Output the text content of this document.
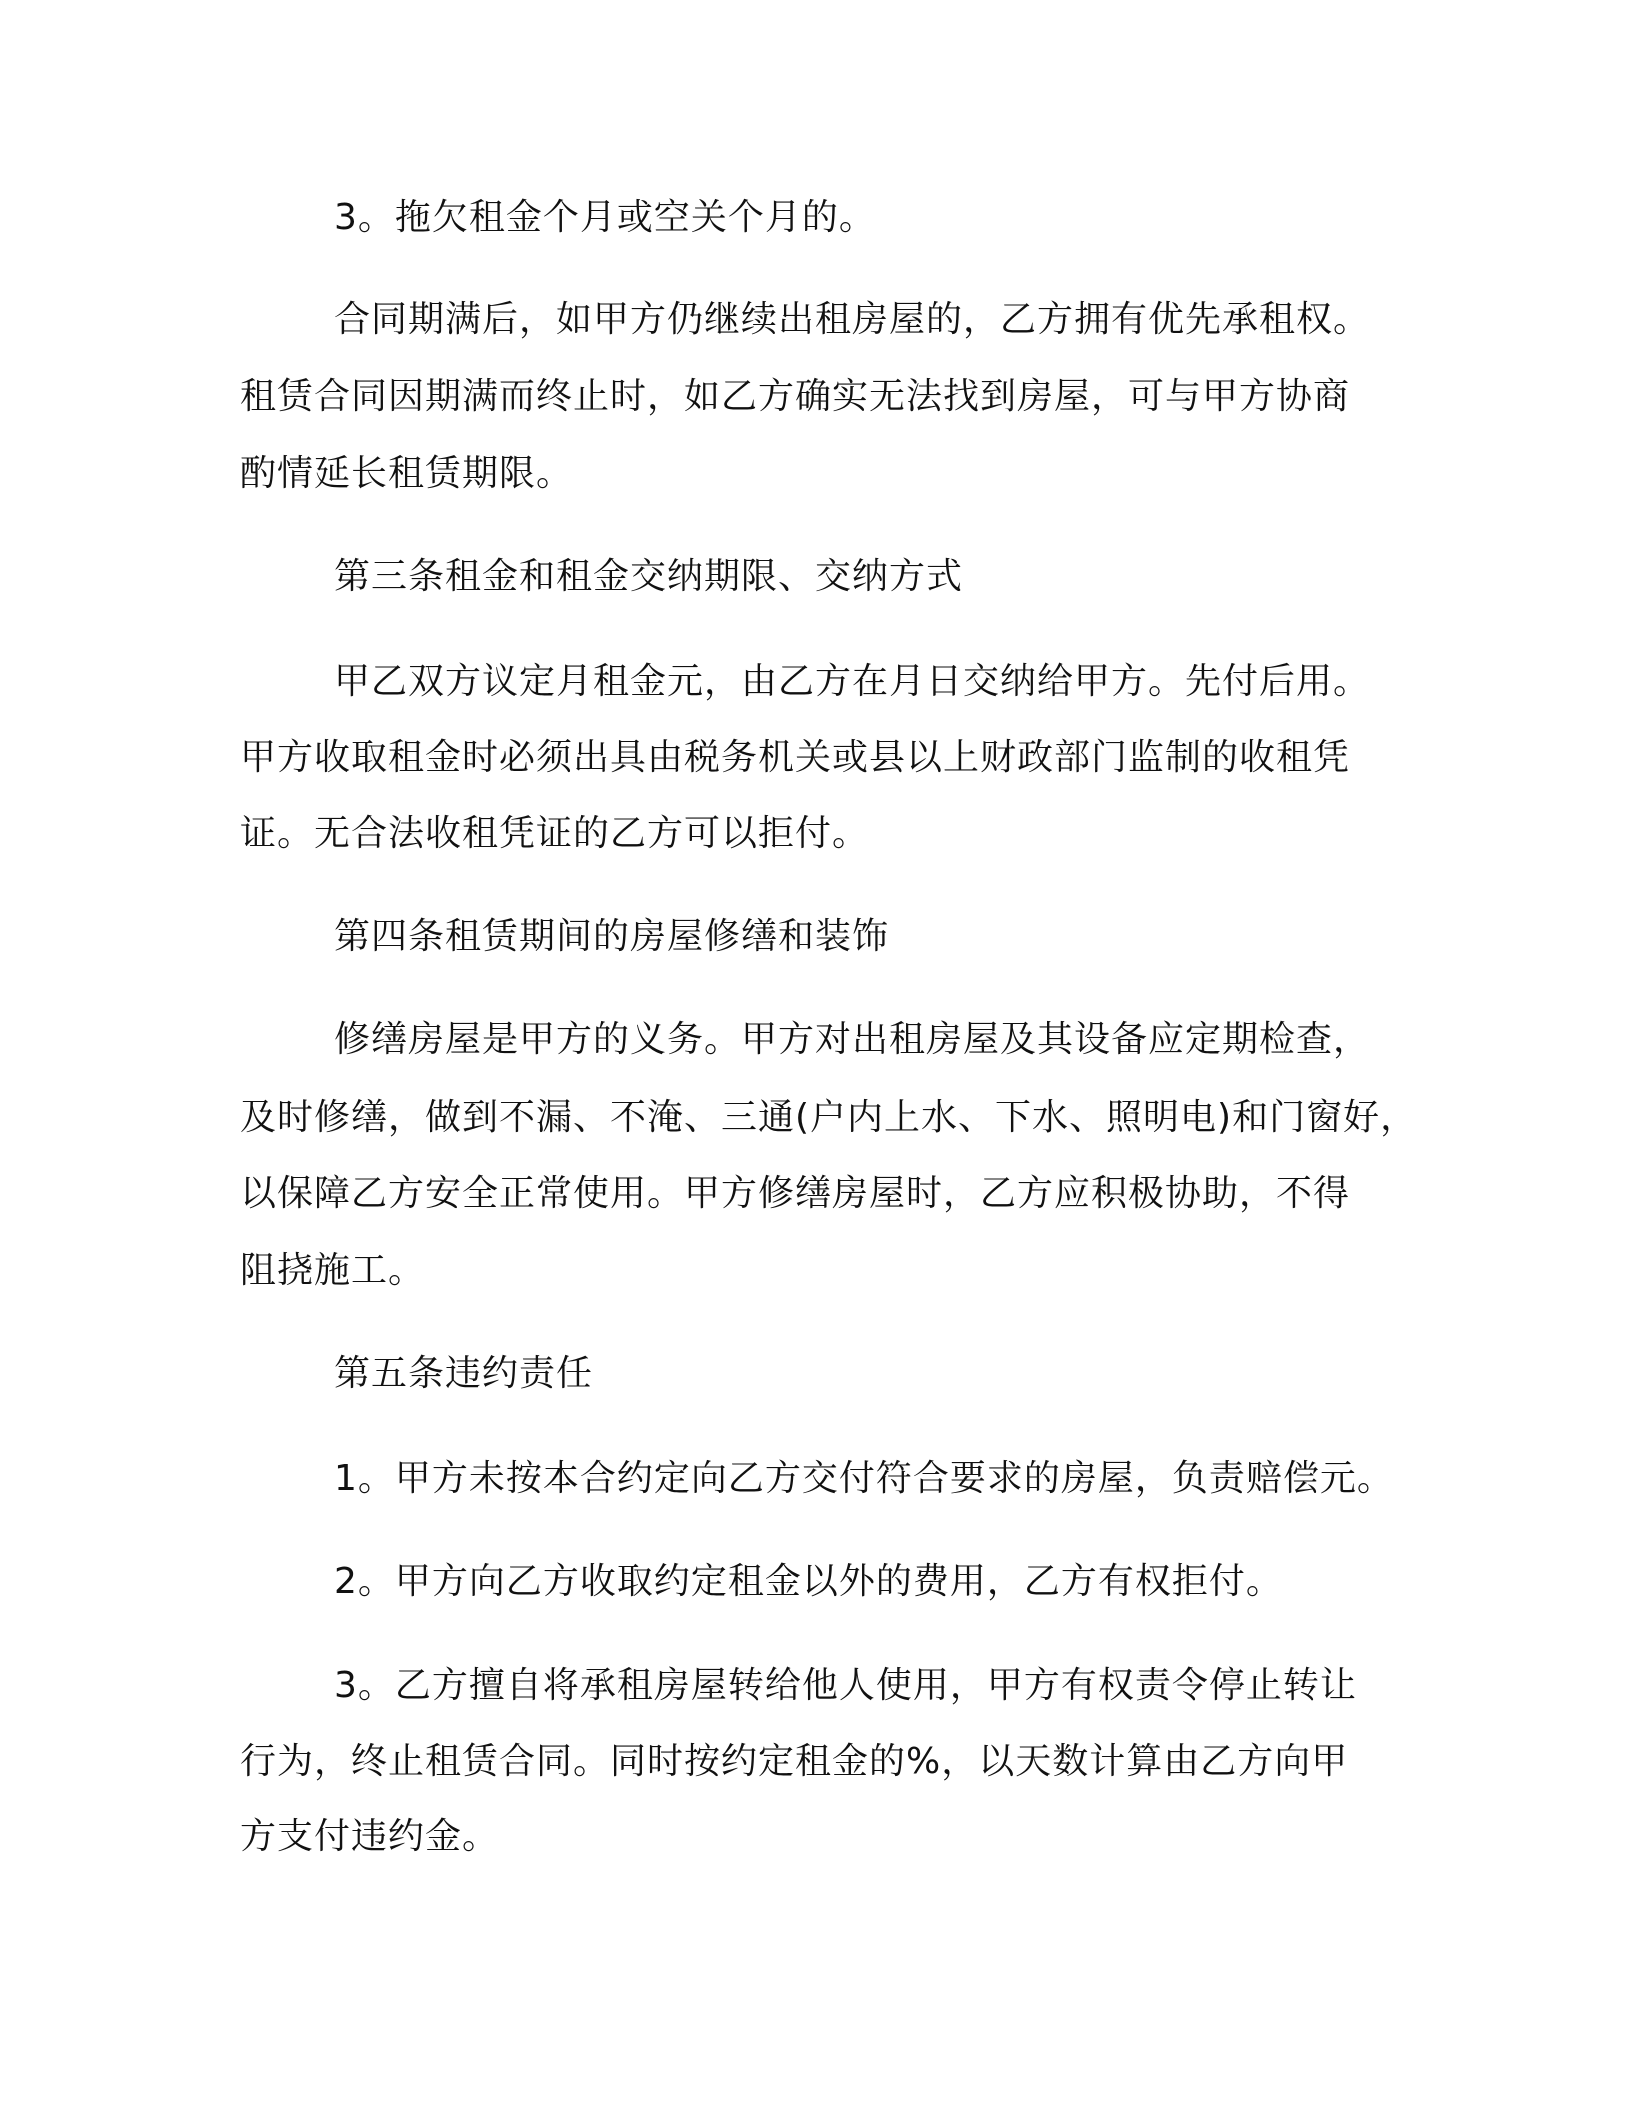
3。拖欠租金个月或空关个月的。
合同期满后，如甲方仍继续出租房屋的，乙方拥有优先承租权。
租赁合同因期满而终止时，如乙方确实无法找到房屋，可与甲方协商
酌情延长租赁期限。
第三条租金和租金交纳期限、交纳方式
甲乙双方议定月租金元，由乙方在月日交纳给甲方。先付后用。
甲方收取租金时必须出具由税务机关或县以上财政部门监制的收租凭
证。无合法收租凭证的乙方可以拒付。
第四条租赁期间的房屋修缮和装饰
修缮房屋是甲方的义务。甲方对出租房屋及其设备应定期检查，
及时修缮，做到不漏、不淹、三通(户内上水、下水、照明电)和门窗好，
以保障乙方安全正常使用。甲方修缮房屋时，乙方应积极协助，不得
阻挠施工。
第五条违约责任
1。甲方未按本合约定向乙方交付符合要求的房屋，负责赔偿元。
2。甲方向乙方收取约定租金以外的费用，乙方有权拒付。
3。乙方擅自将承租房屋转给他人使用，甲方有权责令停止转让
行为，终止租赁合同。同时按约定租金的%，以天数计算由乙方向甲
方支付违约金。
